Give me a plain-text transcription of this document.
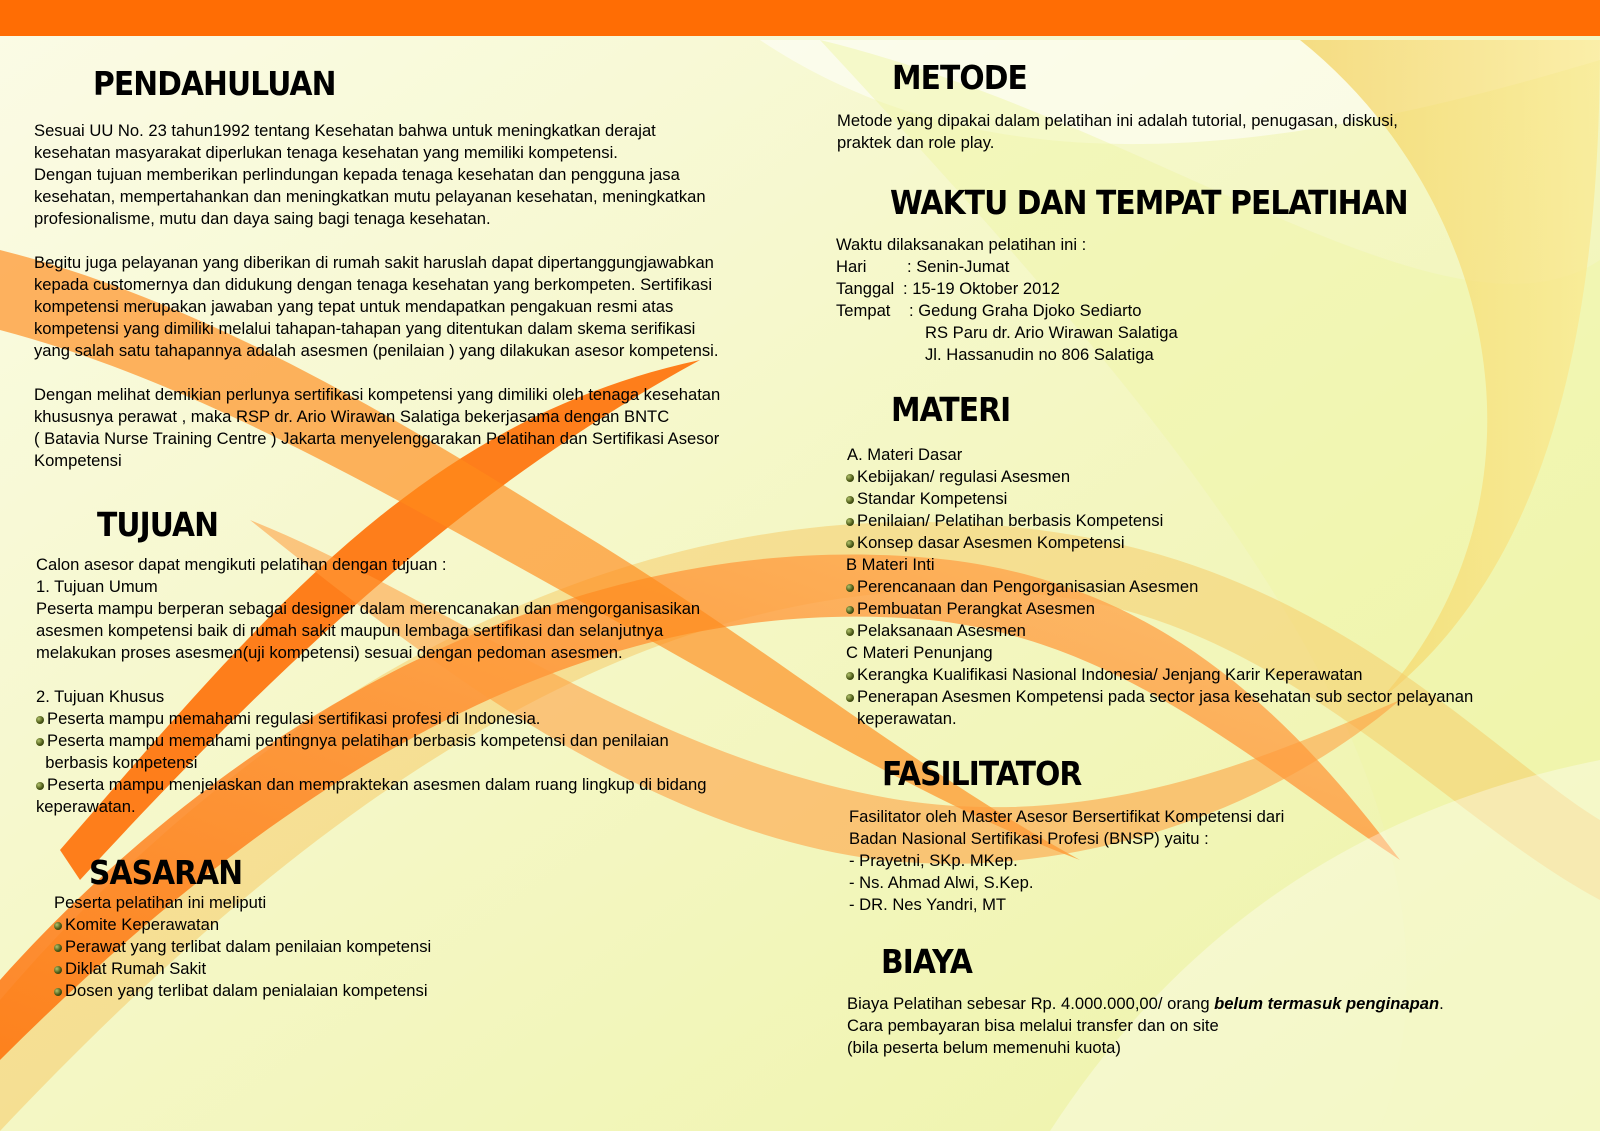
PENDAHULUAN

Sesuai UU No. 23 tahun1992 tentang Kesehatan bahwa untuk meningkatkan derajat

kesehatan masyarakat diperlukan tenaga kesehatan yang memiliki kompetensi.

Dengan tujuan memberikan perlindungan kepada tenaga kesehatan dan pengguna jasa

kesehatan, mempertahankan dan meningkatkan mutu pelayanan kesehatan, meningkatkan

profesionalisme, mutu dan daya saing bagi tenaga kesehatan.

Begitu juga pelayanan yang diberikan di rumah sakit haruslah dapat dipertanggungjawabkan

kepada customernya dan didukung dengan tenaga kesehatan yang berkompeten. Sertifikasi

kompetensi merupakan jawaban yang tepat untuk mendapatkan pengakuan resmi atas

kompetensi yang dimiliki melalui tahapan-tahapan yang ditentukan dalam skema serifikasi

yang salah satu tahapannya adalah asesmen (penilaian ) yang dilakukan asesor kompetensi.

Dengan melihat demikian perlunya sertifikasi kompetensi yang dimiliki oleh tenaga kesehatan

khususnya perawat , maka RSP dr. Ario Wirawan Salatiga bekerjasama dengan BNTC

( Batavia Nurse Training Centre ) Jakarta menyelenggarakan Pelatihan dan Sertifikasi Asesor

Kompetensi

TUJUAN

Calon asesor dapat mengikuti pelatihan dengan tujuan :

1. Tujuan Umum

Peserta mampu berperan sebagai designer dalam merencanakan dan mengorganisasikan

asesmen kompetensi baik di rumah sakit maupun lembaga sertifikasi dan selanjutnya

melakukan proses asesmen(uji kompetensi) sesuai dengan pedoman asesmen.

2. Tujuan Khusus

Peserta mampu memahami regulasi sertifikasi profesi di Indonesia.
Peserta mampu memahami pentingnya pelatihan berbasis kompetensi dan penilaian

berbasis kompetensi

Peserta mampu menjelaskan dan mempraktekan asesmen dalam ruang lingkup di bidang

keperawatan.

SASARAN

Peserta pelatihan ini meliputi

Komite Keperawatan
Perawat yang terlibat dalam penilaian kompetensi
Diklat Rumah Sakit
Dosen yang terlibat dalam penialaian kompetensi
METODE

Metode yang dipakai dalam pelatihan ini adalah tutorial, penugasan, diskusi,

praktek dan role play.

WAKTU DAN TEMPAT PELATIHAN

Waktu dilaksanakan pelatihan ini :

Hari : Senin-Jumat

Tanggal : 15-19 Oktober 2012

Tempat : Gedung Graha Djoko Sediarto

RS Paru dr. Ario Wirawan Salatiga

Jl. Hassanudin no 806 Salatiga

MATERI

A. Materi Dasar

Kebijakan/ regulasi Asesmen
Standar Kompetensi
Penilaian/ Pelatihan berbasis Kompetensi
Konsep dasar Asesmen Kompetensi

B Materi Inti

Perencanaan dan Pengorganisasian Asesmen
Pembuatan Perangkat Asesmen
Pelaksanaan Asesmen

C Materi Penunjang

Kerangka Kualifikasi Nasional Indonesia/ Jenjang Karir Keperawatan
Penerapan Asesmen Kompetensi pada sector jasa kesehatan sub sector pelayanan

keperawatan.

FASILITATOR

Fasilitator oleh Master Asesor Bersertifikat Kompetensi dari

Badan Nasional Sertifikasi Profesi (BNSP) yaitu :

- Prayetni, SKp. MKep.

- Ns. Ahmad Alwi, S.Kep.

- DR. Nes Yandri, MT

BIAYA

Biaya Pelatihan sebesar Rp. 4.000.000,00/ orang belum termasuk penginapan.

Cara pembayaran bisa melalui transfer dan on site

(bila peserta belum memenuhi kuota)
